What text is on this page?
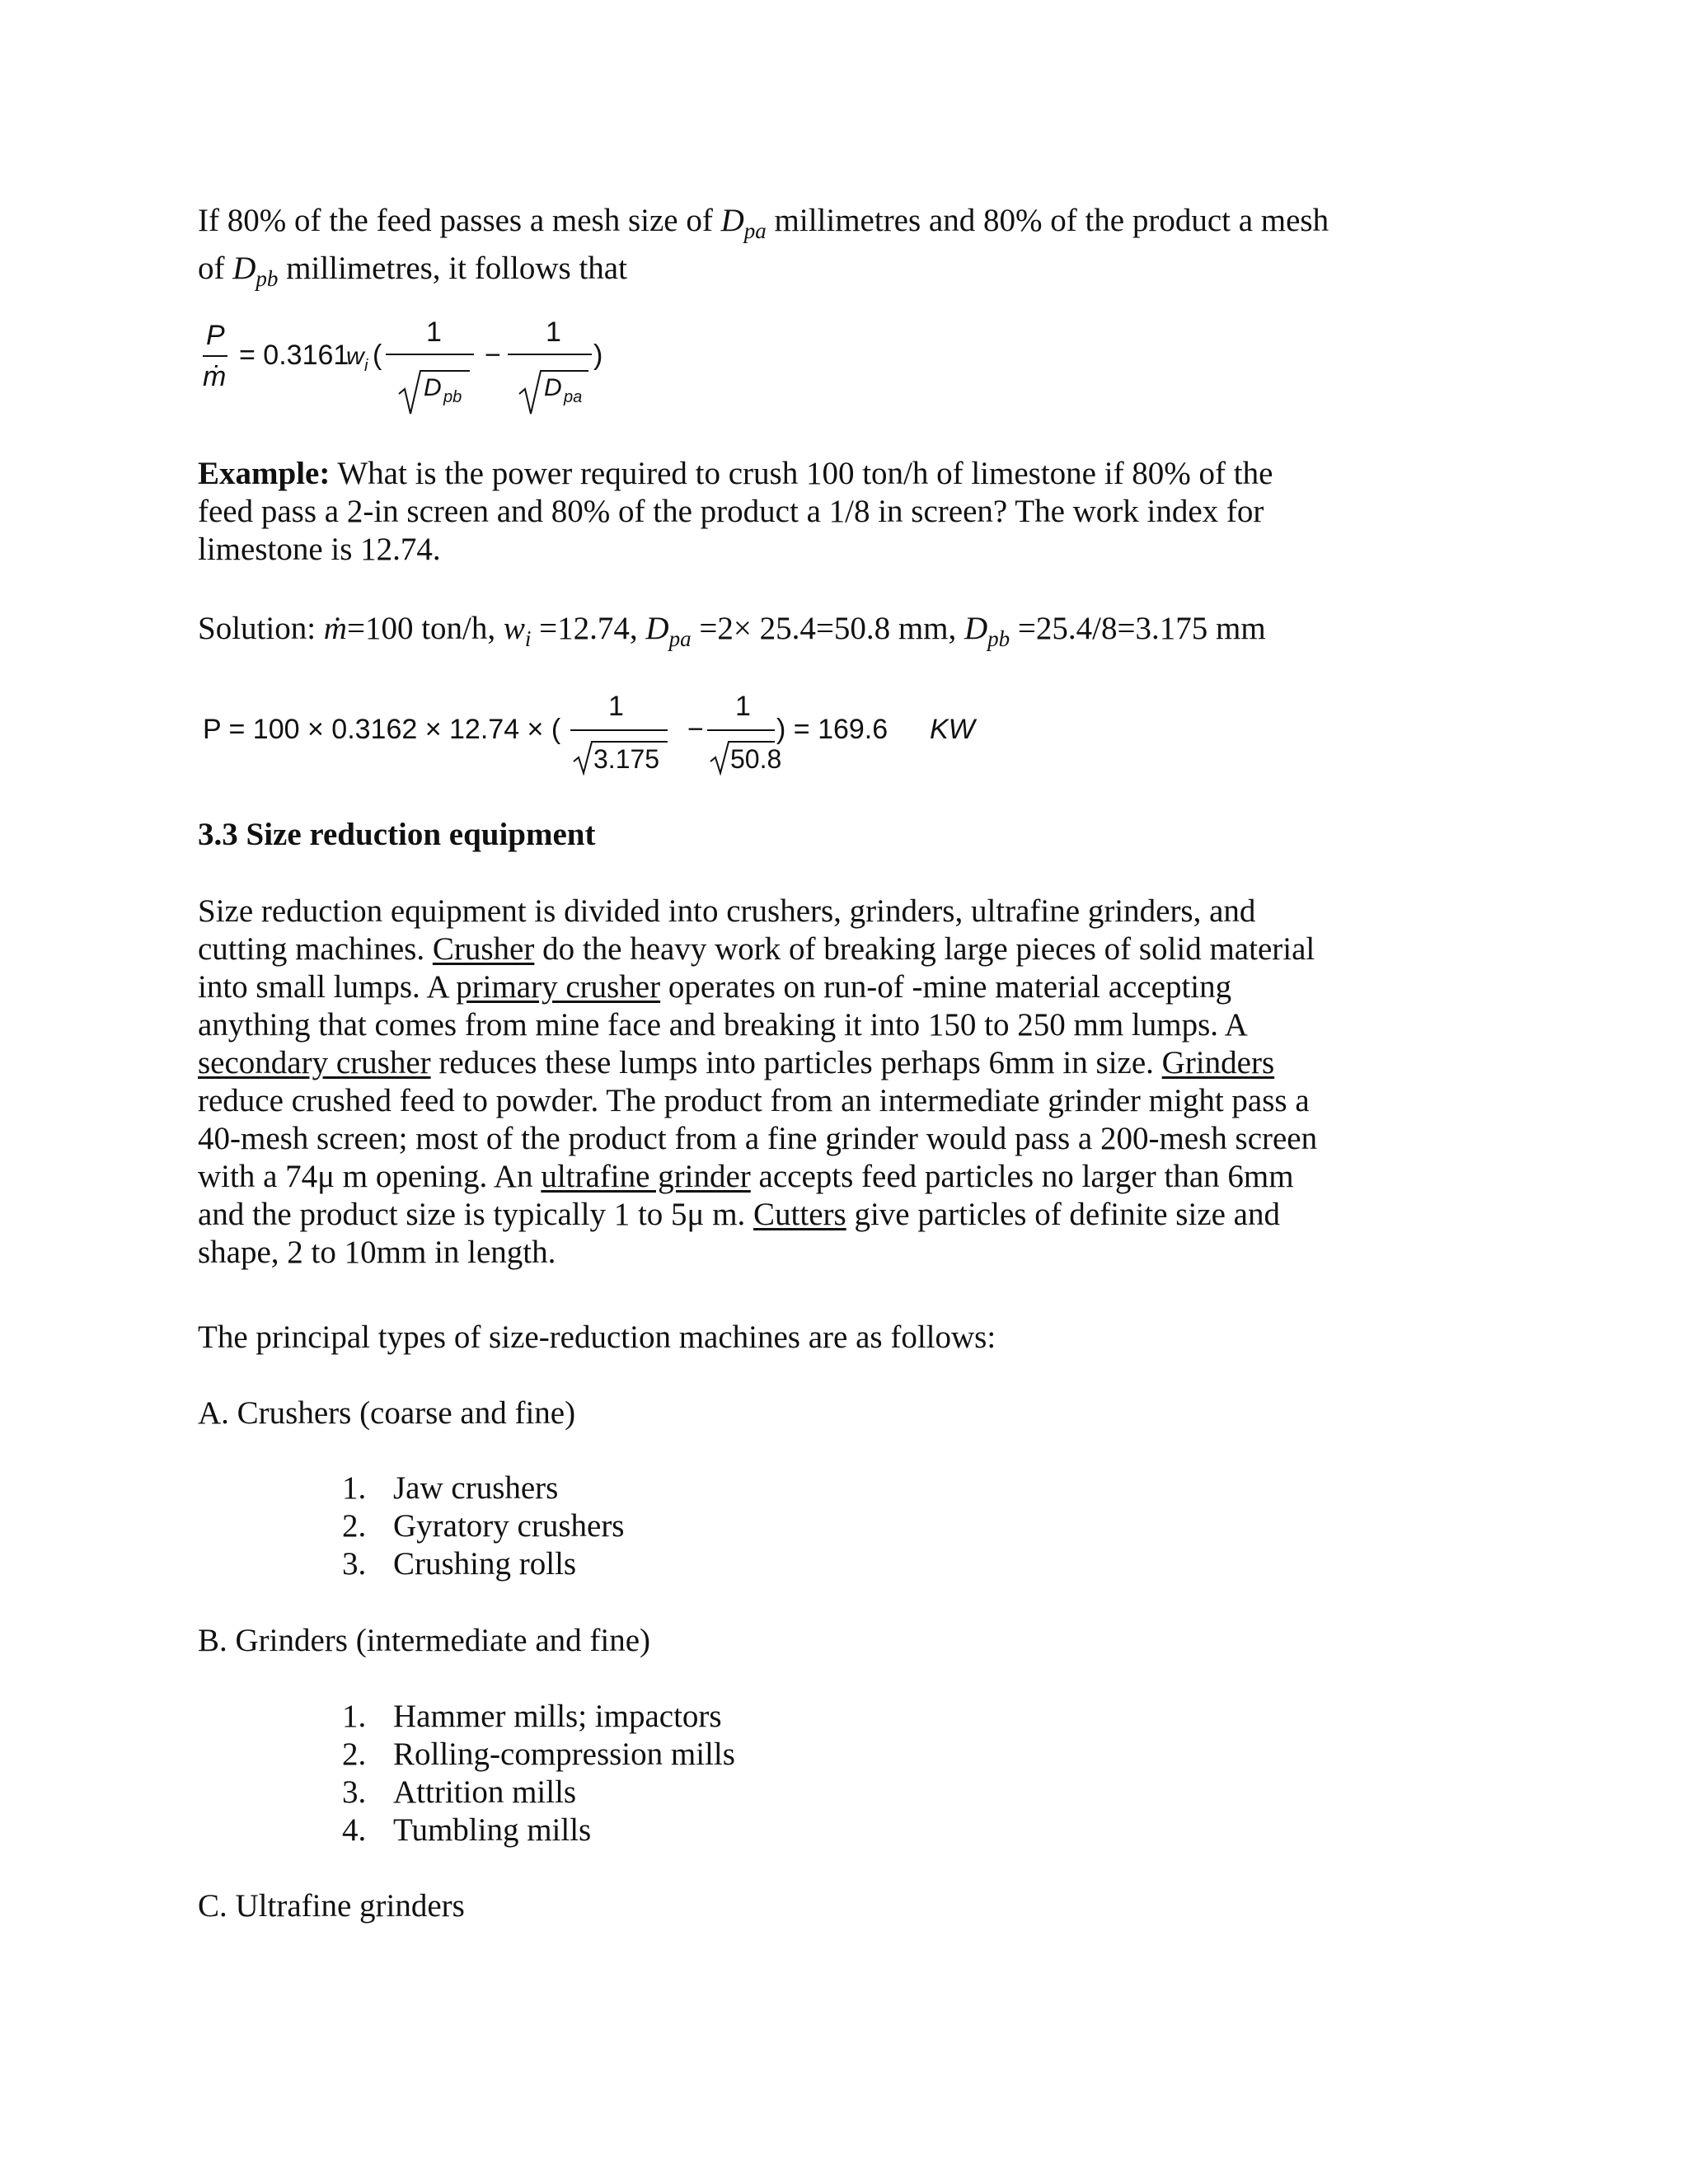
If 80% of the feed passes a mesh size of $D_{pa}$ millimetres and 80% of the product a mesh of $D_{pb}$ millimetres, it follows that

P
ṁ
= 0.3161
w i (
1
D pb
−
1
D pa
)

Example: What is the power required to crush 100 ton/h of limestone if 80% of the feed pass a 2-in screen and 80% of the product a 1/8 in screen? The work index for limestone is 12.74.

Solution: ṁ=100 ton/h, $w_i =12.74$, $D_{pa} =2\times 25.4=50.8$ mm, $D_{pb} =25.4/8=3.175$ mm

P = 100 × 0.3162 × 12.74 × (
1
3.175
−
1
50.8
) = 169.6 KW
3.3 Size reduction equipment

Size reduction equipment is divided into crushers, grinders, ultrafine grinders, and cutting machines. Crusher do the heavy work of breaking large pieces of solid material into small lumps. A primary crusher operates on run-of -mine material accepting anything that comes from mine face and breaking it into 150 to 250 mm lumps. A secondary crusher reduces these lumps into particles perhaps 6mm in size. Grinders reduce crushed feed to powder. The product from an intermediate grinder might pass a 40-mesh screen; most of the product from a fine grinder would pass a 200-mesh screen with a 74μ m opening. An ultrafine grinder accepts feed particles no larger than 6mm and the product size is typically 1 to 5μ m. Cutters give particles of definite size and shape, 2 to 10mm in length.

The principal types of size-reduction machines are as follows:

A. Crushers (coarse and fine)

1. Jaw crushers
2. Gyratory crushers
3. Crushing rolls

B. Grinders (intermediate and fine)

1. Hammer mills; impactors
2. Rolling-compression mills
3. Attrition mills
4. Tumbling mills

C. Ultrafine grinders
